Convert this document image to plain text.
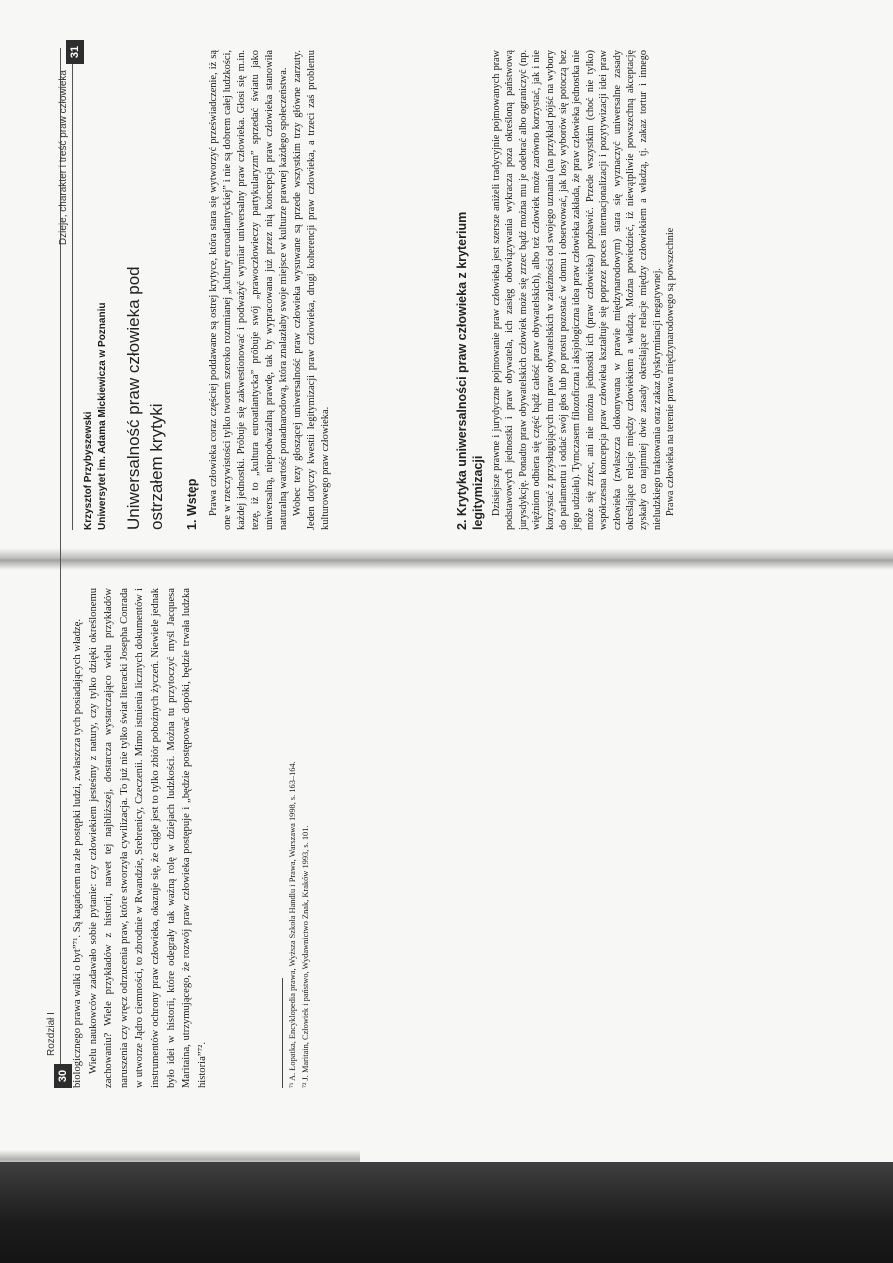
30
Rozdział I biologicznego prawa walki o byt”⁷¹. Są kagańcem na złe postępki ludzi, zwłaszcza tych posiadających władzę. Wielu naukowców zadawało sobie pytanie: czy człowiekiem jesteśmy z natury, czy tylko dzięki określonemu zachowaniu? Wiele przykładów z historii, nawet tej najbliższej, dostarcza wystarczająco wielu przykładów naruszenia czy wręcz odrzucenia praw, które stworzyła cywilizacja. To już nie tylko świat literacki Josepha Conrada w utworze Jądro ciemności, to zbrodnie w Rwandzie, Srebrenicy, Czeczenii. Mimo istnienia licznych dokumentów i instrumentów ochrony praw człowieka, okazuje się, że ciągle jest to tylko zbiór pobożnych życzeń. Niewiele jednak było idei w historii, które odegrały tak ważną rolę w dziejach ludzkości. Można tu przytoczyć myśl Jacquesa Maritaina, utrzymującego, że rozwój praw człowieka postępuje i „będzie postępować dopóki, będzie trwała ludzka historia”⁷².	⁷¹ A. Łopatka, Encyklopedia prawa, Wyższa Szkoła Handlu i Prawa, Warszawa 1998, s. 163–164. ⁷² J. Maritain, Człowiek i państwo, Wydawnictwo Znak, Kraków 1993, s. 101.
31
Dzieje, charakter i treść praw człowieka
Krzysztof Przybyszewski Uniwersytet im. Adama Mickiewicza w Poznaniu Uniwersalność praw człowieka pod ostrzałem krytyki 1. Wstęp Prawa człowieka coraz częściej poddawane są ostrej krytyce, która stara się wytworzyć przeświadczenie, iż są one w rzeczywistości tylko tworem szeroko rozumianej „kultury euroatlantyckiej” i nie są dobrem całej ludzkości, każdej jednostki. Próbuje się zakwestionować i podważyć wymiar uniwersalny praw człowieka. Głosi się m.in. tezę, iż to „kultura euroatlantycka” próbuje swój „prawoczłowieczy partykularyzm” sprzedać światu jako uniwersalną, niepodważalną prawdę, tak by wypracowana już przez nią koncepcja praw człowieka stanowiła naturalną wartość ponadnarodową, która znalazłaby swoje miejsce w kulturze prawnej każdego społeczeństwa. Wobec tezy głoszącej uniwersalność praw człowieka wysuwane są przede wszystkim trzy główne zarzuty. Jeden dotyczy kwestii legitymizacji praw człowieka, drugi koherencji praw człowieka, a trzeci zaś problemu kulturowego praw człowieka.	2. Krytyka uniwersalności praw człowieka z kryterium legitymizacji Dzisiejsze prawne i jurydyczne pojmowanie praw człowieka jest szersze aniżeli tradycyjnie pojmowanych praw podstawowych jednostki i praw obywatela, ich zasięg obowiązywania wykracza poza określoną państwową jurysdykcję. Ponadto praw obywatelskich człowiek może się zrzec bądź można mu je odebrać albo ograniczyć (np. więźniom odbiera się część bądź całość praw obywatelskich), albo też człowiek może zarówno korzystać, jak i nie korzystać z przysługujących mu praw obywatelskich w zależności od swojego uznania (na przykład pójść na wybory do parlamentu i oddać swój głos lub po prostu pozostać w domu i obserwować, jak losy wyborów się potoczą bez jego udziału). Tymczasem filozoficzna i aksjologiczna idea praw człowieka zakłada, że praw człowieka jednostka nie może się zrzec, ani nie można jednostki ich (praw człowieka) pozbawić. Przede wszystkim (choć nie tylko) współczesna koncepcja praw człowieka kształtuje się poprzez proces internacjonalizacji i pozytywizacji idei praw człowieka (zwłaszcza dokonywana w prawie międzynarodowym) stara się wyznaczyć uniwersalne zasady określające relacje między człowiekiem a władzą. Można powiedzieć, iż niewątpliwie powszechną akceptację zyskały co najmniej dwie zasady określające relacje między człowiekiem a władzą, tj. zakaz tortur i innego nieludzkiego traktowania oraz zakaz dyskryminacji negatywnej. Prawa człowieka na terenie prawa międzynarodowego są powszechnie
